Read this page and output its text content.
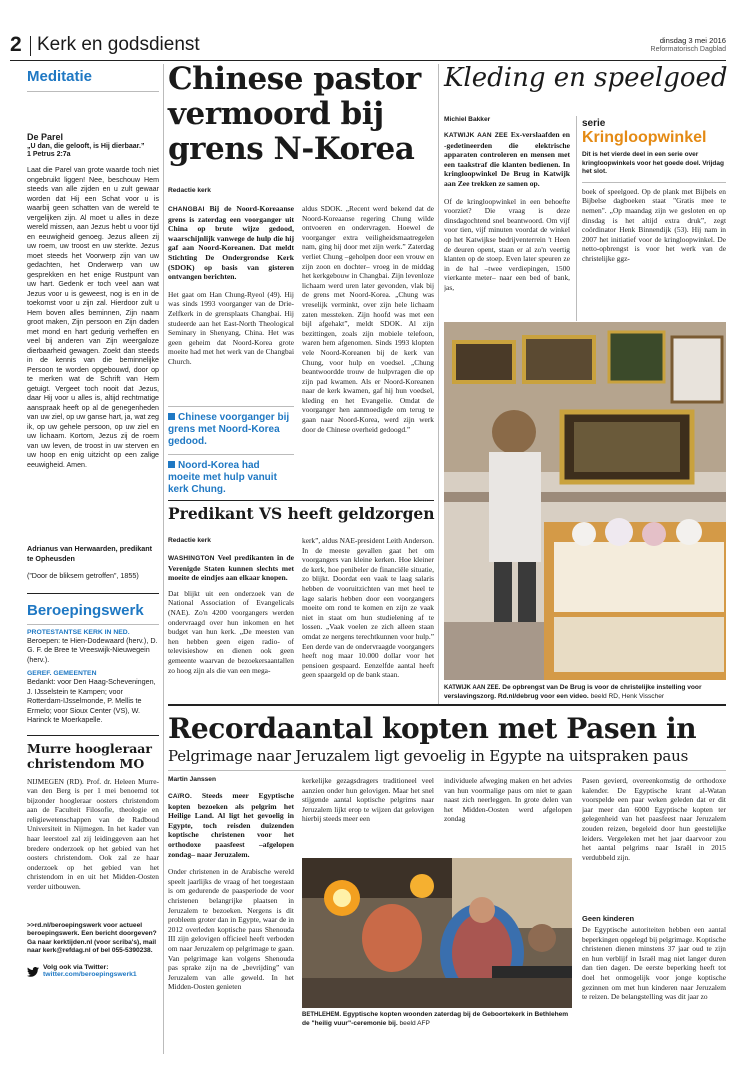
2 Kerk en godsdienst	dinsdag 3 mei 2016
Reformatorisch Dagblad
Meditatie
De Parel
„U dan, die gelooft, is Hij dierbaar.”
1 Petrus 2:7a
Laat die Parel van grote waarde toch niet ongebruikt liggen! Nee, beschouw Hem steeds van alle zijden en u zult gewaar worden dat Hij een Schat voor u is waarbij geen schatten van de wereld te vergelijken zijn. Al moet u alles in deze wereld missen, aan Jezus hebt u voor tijd en eeuwigheid genoeg. Jezus alleen zij uw roem, uw troost en uw sterkte. Jezus moet steeds het Voorwerp zijn van uw gedachten, het Onderwerp van uw gesprekken en het enige Rustpunt van uw hart. Gedenk er toch veel aan wat Jezus voor u is geweest, nog is en in de toekomst voor u zijn zal. Hierdoor zult u Hem boven alles beminnen, Zijn naam groot maken, Zijn persoon en Zijn daden met mond en hart gedurig verheffen en veel bij anderen van Zijn weergaloze dierbaarheid gewagen. Zoekt dan steeds in de kennis van die beminnelijke Persoon te worden opgebouwd, door op te merken wat de Schrift van Hem getuigt. Vergeet toch nooit dat Jezus, daar Hij voor u alles is, altijd rechtmatige aanspraak heeft op al de genegenheden van uw ziel, op uw ganse hart, ja, wat zeg ik, op uw gehele persoon, op uw ziel en uw lichaam. Kortom, Jezus zij de roem van uw leven, de troost in uw sterven en uw hoop en enig uitzicht op een zalige eeuwigheid. Amen.
Adrianus van Herwaarden, predikant te Opheusden
(”Door de bliksem getroffen”, 1855)
Beroepingswerk
PROTESTANTSE KERK IN NED.
Beroepen: te Hien-Dodewaard (herv.), D. G. F. de Bree te Vreeswijk-Nieuwegein (herv.).
GEREF. GEMEENTEN
Bedankt: voor Den Haag-Scheveningen, J. IJsselstein te Kampen; voor Rotterdam-IJsselmonde, P. Mellis te Ermelo; voor Sioux Center (VS), W. Harinck te Moerkapelle.
Murre hoogleraar christendom MO
NIJMEGEN (RD). Prof. dr. Heleen Murre-van den Berg is per 1 mei benoemd tot bijzonder hoogleraar oosters christendom aan de Faculteit Filosofie, theologie en religiewetenschappen van de Radboud Universiteit in Nijmegen. In het kader van haar leerstoel zal zij leidinggeven aan het bredere onderzoek op het gebied van het oosters christendom. Ook zal ze haar onderzoek op het gebied van het christendom in en uit het Midden-Oosten verder uitbouwen.
>>rd.nl/beroepingswerk voor actueel beroepingswerk. Een bericht doorgeven? Ga naar kerktijden.nl (voor scriba's), mail naar kerk@refdag.nl of bel 055-5390238.
Volg ook via Twitter:
twitter.com/beroepingswerk1
Chinese pastor vermoord bij grens N-Korea
Redactie kerk
CHANGBAI Bij de Noord-Koreaanse grens is zaterdag een voorganger uit China op brute wijze gedood, waarschijnlijk vanwege de hulp die hij gaf aan Noord-Koreanen. Dat meldt Stichting De Ondergrondse Kerk (SDOK) op basis van gisteren ontvangen berichten.
Het gaat om Han Chung-Ryeol (49). Hij was sinds 1993 voorganger van de Drie-Zelfkerk in de grensplaats Changbai. Hij studeerde aan het East-North Theological Seminary in Shenyang, China. Het was geen geheim dat Noord-Korea grote moeite had met het werk van de Changbai Church.
Chinese voorganger bij grens met Noord-Korea gedood.
Noord-Korea had moeite met hulp vanuit kerk Chung.
aldus SDOK. „Recent werd bekend dat de Noord-Koreaanse regering Chung wilde ontvoeren en ondervragen. Hoewel de voorganger extra veiligheidsmaatregelen nam, ging hij door met zijn werk.” Zaterdag verliet Chung –geholpen door een vrouw en zijn zoon en dochter– vroeg in de middag het kerkgebouw in Changbai. Zijn levenloze lichaam werd uren later gevonden, vlak bij de grens met Noord-Korea. „Chung was vreselijk verminkt, over zijn hele lichaam zaten messteken. Zijn hoofd was met een bijl afgehakt”, meldt SDOK. Al zijn bezittingen, zoals zijn mobiele telefoon, waren hem afgenomen. Sinds 1993 klopten vele Noord-Koreanen bij de kerk van Chung, voor hulp en voedsel. „Chung beantwoordde trouw de hulpvragen die op zijn pad kwamen. Als er Noord-Koreanen naar de kerk kwamen, gaf hij hun voedsel, kleding en het Evangelie. Omdat de voorganger hen aanmoedigde om terug te gaan naar Noord-Korea, werd zijn werk door de Chinese overheid gedoogd.”
Predikant VS heeft geldzorgen
Redactie kerk
WASHINGTON Veel predikanten in de Verenigde Staten kunnen slechts met moeite de eindjes aan elkaar knopen.
Dat blijkt uit een onderzoek van de National Association of Evangelicals (NAE). Zo'n 4200 voorgangers werden ondervraagd over hun inkomen en het budget van hun kerk. „De meesten van hen hebben geen eigen radio- of televisieshow en dienen ook geen gemeente waarvan de bezoekersaantallen zo hoog zijn als die van een mega-
kerk”, aldus NAE-president Leith Anderson. In de meeste gevallen gaat het om voorgangers van kleine kerken. Hoe kleiner de kerk, hoe penibeler de financiële situatie, zo blijkt. Doordat een vaak te laag salaris hebben de vooruitzichten van met heel te lage salaris hebben door een voorgangers moeite om rond te komen en zijn ze vaak niet in staat om hun studielening af te lossen. „Vaak voelen ze zich alleen staan omdat ze nergens terechtkunnen voor hulp.” Een derde van de ondervraagde voorgangers heeft nog maar 10.000 dollar voor het pensioen gespaard. Eenzelfde aantal heeft geen spaargeld op de bank staan.
Kleding en speelgoed
Michiel Bakker
KATWIJK AAN ZEE Ex-verslaafden en -gedetineerden die elektrische apparaten controleren en mensen met een taakstraf die klanten bedienen. In kringloopwinkel De Brug in Katwijk aan Zee trekken ze samen op.
Of de kringloopwinkel in een behoefte voorziet? Die vraag is deze dinsdagochtend snel beantwoord. Om vijf voor tien, vijf minuten voordat de winkel op het Katwijkse bedrijventerrein 't Heen de deuren opent, staan er al zo'n veertig klanten op de stoep. Even later speuren ze in de hal –twee verdiepingen, 1500 vierkante meter– naar een bed of bank, jas,
serie
Kringloopwinkel
Dit is het vierde deel in een serie over kringloopwinkels voor het goede doel. Vrijdag het slot.
boek of speelgoed. Op de plank met Bijbels en Bijbelse dagboeken staat "Gratis mee te nemen". „Op maandag zijn we gesloten en op dinsdag is het altijd extra druk”, zegt coördinator Henk Binnendijk (53). Hij nam in 2007 het initiatief voor de kringloopwinkel. De netto-opbrengst is voor het werk van de christelijke ggz-
KATWIJK AAN ZEE. De opbrengst van De Brug is voor de christelijke instelling voor verslavingszorg. Rd.nl/debrug voor een video. beeld RD, Henk Visscher
Recordaantal kopten met Pasen in
Pelgrimage naar Jeruzalem ligt gevoelig in Egypte na uitspraken paus
Martin Janssen
CAïRO. Steeds meer Egyptische kopten bezoeken als pelgrim het Heilige Land. Al ligt het gevoelig in Egypte, toch reisden duizenden koptische christenen voor het orthodoxe paasfeest –afgelopen zondag– naar Jeruzalem.
Onder christenen in de Arabische wereld speelt jaarlijks de vraag of het toegestaan is om gedurende de paasperiode de voor christenen belangrijke plaatsen in Jeruzalem te bezoeken. Nergens is dit probleem groter dan in Egypte, waar de in 2012 overleden koptische paus Shenouda III zijn gelovigen officieel heeft verboden om naar Jeruzalem op pelgrimage te gaan. Van pelgrimage kan volgens Shenouda pas sprake zijn na de „bevrijding” van Jeruzalem van alle geweld. In het Midden-Oosten genieten
kerkelijke gezagsdragers traditioneel veel aanzien onder hun gelovigen. Maar het snel stijgende aantal koptische pelgrims naar Jeruzalem lijkt erop te wijzen dat gelovigen hierbij steeds meer een
individuele afweging maken en het advies van hun voormalige paus om niet te gaan naast zich neerleggen. In grote delen van het Midden-Oosten werd afgelopen zondag
BETHLEHEM. Egyptische kopten woonden zaterdag bij de Geboortekerk in Bethlehem de "heilig vuur"-ceremonie bij. beeld AFP
Pasen gevierd, overeenkomstig de orthodoxe kalender. De Egyptische krant al-Watan voorspelde een paar weken geleden dat er dit jaar meer dan 6000 Egyptische kopten ter gelegenheid van het paasfeest naar Jeruzalem zouden reizen, begeleid door hun geestelijke leiders. Vergeleken met het jaar daarvoor zou het aantal pelgrims naar Israël in 2015 verdubbeld zijn.
Geen kinderen
De Egyptische autoriteiten hebben een aantal beperkingen opgelegd bij pelgrimage. Koptische christenen dienen minstens 37 jaar oud te zijn en hun verblijf in Israël mag niet langer duren dan tien dagen. De eerste beperking heeft tot doel het onmogelijk voor jonge koptische gezinnen om met hun kinderen naar Jeruzalem te reizen. De belangstelling was dit jaar zo
